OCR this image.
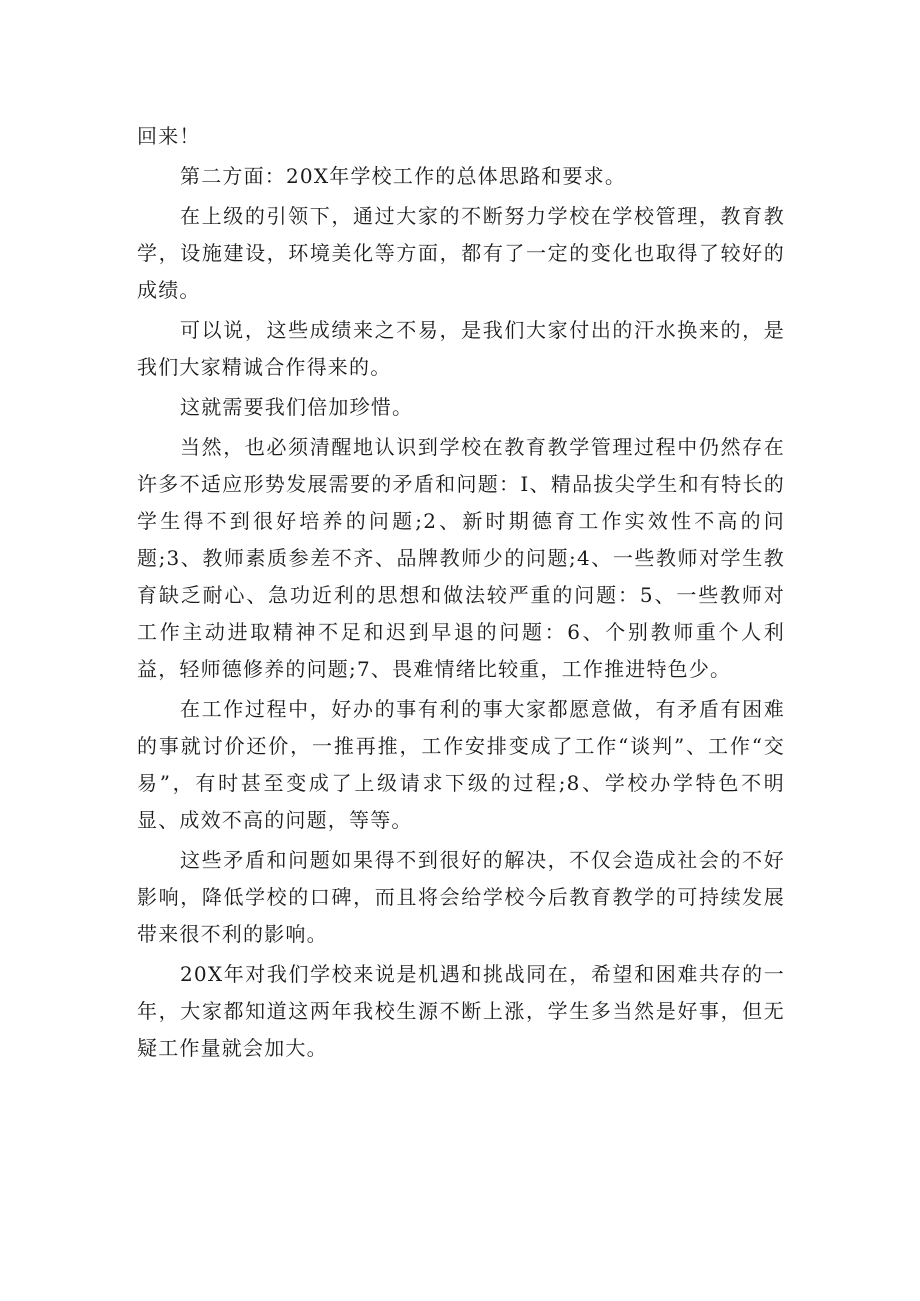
回来！

第二方面：20X年学校工作的总体思路和要求。

在上级的引领下，通过大家的不断努力学校在学校管理，教育教学，设施建设，环境美化等方面，都有了一定的变化也取得了较好的成绩。

可以说，这些成绩来之不易，是我们大家付出的汗水换来的，是我们大家精诚合作得来的。

这就需要我们倍加珍惜。

当然，也必须清醒地认识到学校在教育教学管理过程中仍然存在许多不适应形势发展需要的矛盾和问题：I、精品拔尖学生和有特长的学生得不到很好培养的问题;2、新时期德育工作实效性不高的问题;3、教师素质参差不齐、品牌教师少的问题;4、一些教师对学生教育缺乏耐心、急功近利的思想和做法较严重的问题：5、一些教师对工作主动进取精神不足和迟到早退的问题：6、个别教师重个人利益，轻师德修养的问题;7、畏难情绪比较重，工作推进特色少。

在工作过程中，好办的事有利的事大家都愿意做，有矛盾有困难的事就讨价还价，一推再推，工作安排变成了工作“谈判”、工作“交易”，有时甚至变成了上级请求下级的过程;8、学校办学特色不明显、成效不高的问题，等等。

这些矛盾和问题如果得不到很好的解决，不仅会造成社会的不好影响，降低学校的口碑，而且将会给学校今后教育教学的可持续发展带来很不利的影响。

20X年对我们学校来说是机遇和挑战同在，希望和困难共存的一年，大家都知道这两年我校生源不断上涨，学生多当然是好事，但无疑工作量就会加大。
